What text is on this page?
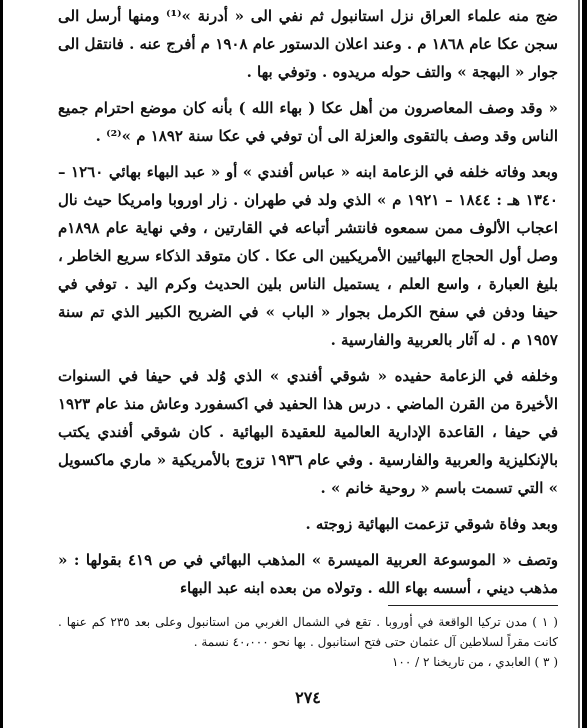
ضج منه علماء العراق نزل استانبول ثم نفي الى « أدرنة »⁽¹⁾ ومنها أرسل الى سجن عكا عام ١٨٦٨ م . وعند اعلان الدستور عام ١٩٠٨ م أفرج عنه . فانتقل الى جوار « البهجة » والتف حوله مريدوه . وتوفي بها .

« وقد وصف المعاصرون من أهل عكا ( بهاء الله ) بأنه كان موضع احترام جميع الناس وقد وصف بالتقوى والعزلة الى أن توفي في عكا سنة ١٨٩٢ م »⁽²⁾ .

وبعد وفاته خلفه في الزعامة ابنه « عباس أفندي » أو « عبد البهاء بهائي ١٢٦٠ – ١٣٤٠ هـ : ١٨٤٤ – ١٩٢١ م » الذي ولد في طهران . زار اوروبا وامريكا حيث نال اعجاب الألوف ممن سمعوه فانتشر أتباعه في القارتين ، وفي نهاية عام ١٨٩٨م وصل أول الحجاج البهائيين الأمريكيين الى عكا . كان متوقد الذكاء سريع الخاطر ، بليغ العبارة ، واسع العلم ، يستميل الناس بلين الحديث وكرم اليد . توفي في حيفا ودفن في سفح الكرمل بجوار « الباب » في الضريح الكبير الذي تم سنة ١٩٥٧ م . له آثار بالعربية والفارسية .

وخلفه في الزعامة حفيده « شوقي أفندي » الذي وُلد في حيفا في السنوات الأخيرة من القرن الماضي . درس هذا الحفيد في اكسفورد وعاش منذ عام ١٩٢٣ في حيفا ، القاعدة الإدارية العالمية للعقيدة البهائية . كان شوقي أفندي يكتب بالإنكليزية والعربية والفارسية . وفي عام ١٩٣٦ تزوج بالأمريكية « ماري ماكسويل » التي تسمت باسم « روحية خانم » .

وبعد وفاة شوقي تزعمت البهائية زوجته .

وتصف « الموسوعة العربية الميسرة » المذهب البهائي في ص ٤١٩ بقولها : « مذهب ديني ، أسسه بهاء الله . وتولاه من بعده ابنه عبد البهاء

( ١ ) مدن تركيا الواقعة في أوروبا . تقع في الشمال الغربي من استانبول وعلى بعد ٢٣٥ كم عنها . كانت مقراً لسلاطين آل عثمان حتى فتح استانبول . بها نحو ٤٠،٠٠٠ نسمة .

( ٣ ) العابدي ، من تاريخنا ٢ / ١٠٠

٢٧٤
